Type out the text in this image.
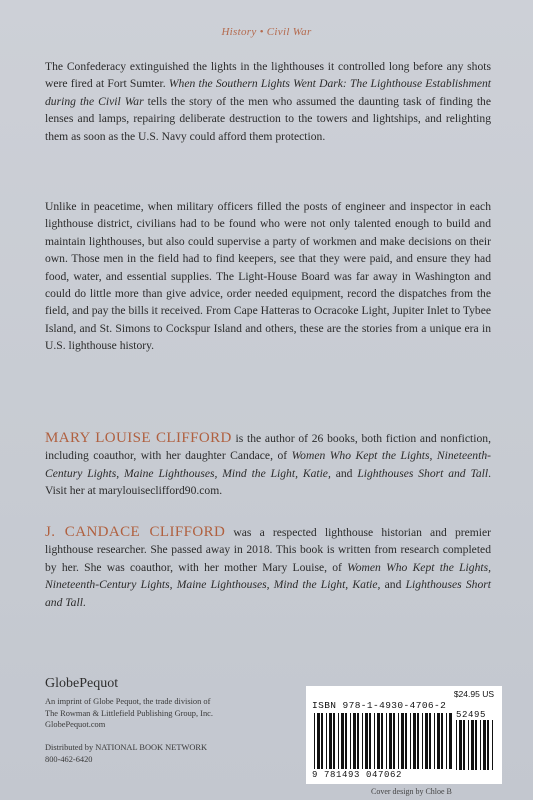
History • Civil War

The Confederacy extinguished the lights in the lighthouses it controlled long before any shots were fired at Fort Sumter. When the Southern Lights Went Dark: The Lighthouse Establishment during the Civil War tells the story of the men who assumed the daunting task of finding the lenses and lamps, repairing deliberate destruction to the towers and lightships, and relighting them as soon as the U.S. Navy could afford them protection.

Unlike in peacetime, when military officers filled the posts of engineer and inspector in each lighthouse district, civilians had to be found who were not only talented enough to build and maintain lighthouses, but also could supervise a party of workmen and make decisions on their own. Those men in the field had to find keepers, see that they were paid, and ensure they had food, water, and essential supplies. The Light-House Board was far away in Washington and could do little more than give advice, order needed equipment, record the dispatches from the field, and pay the bills it received. From Cape Hatteras to Ocracoke Light, Jupiter Inlet to Tybee Island, and St. Simons to Cockspur Island and others, these are the stories from a unique era in U.S. lighthouse history.

MARY LOUISE CLIFFORD is the author of 26 books, both fiction and nonfiction, including coauthor, with her daughter Candace, of Women Who Kept the Lights, Nineteenth-Century Lights, Maine Lighthouses, Mind the Light, Katie, and Lighthouses Short and Tall. Visit her at marylouiseclifford90.com.

J. CANDACE CLIFFORD was a respected lighthouse historian and premier lighthouse researcher. She passed away in 2018. This book is written from research completed by her. She was coauthor, with her mother Mary Louise, of Women Who Kept the Lights, Nineteenth-Century Lights, Maine Lighthouses, Mind the Light, Katie, and Lighthouses Short and Tall.

GlobePequot
An imprint of Globe Pequot, the trade division of
The Rowman & Littlefield Publishing Group, Inc.
GlobePequot.com
Distributed by NATIONAL BOOK NETWORK
800-462-6420
$24.95 US
ISBN 978-1-4930-4706-2
52495
9 781493 047062
Cover design by Chloe B
